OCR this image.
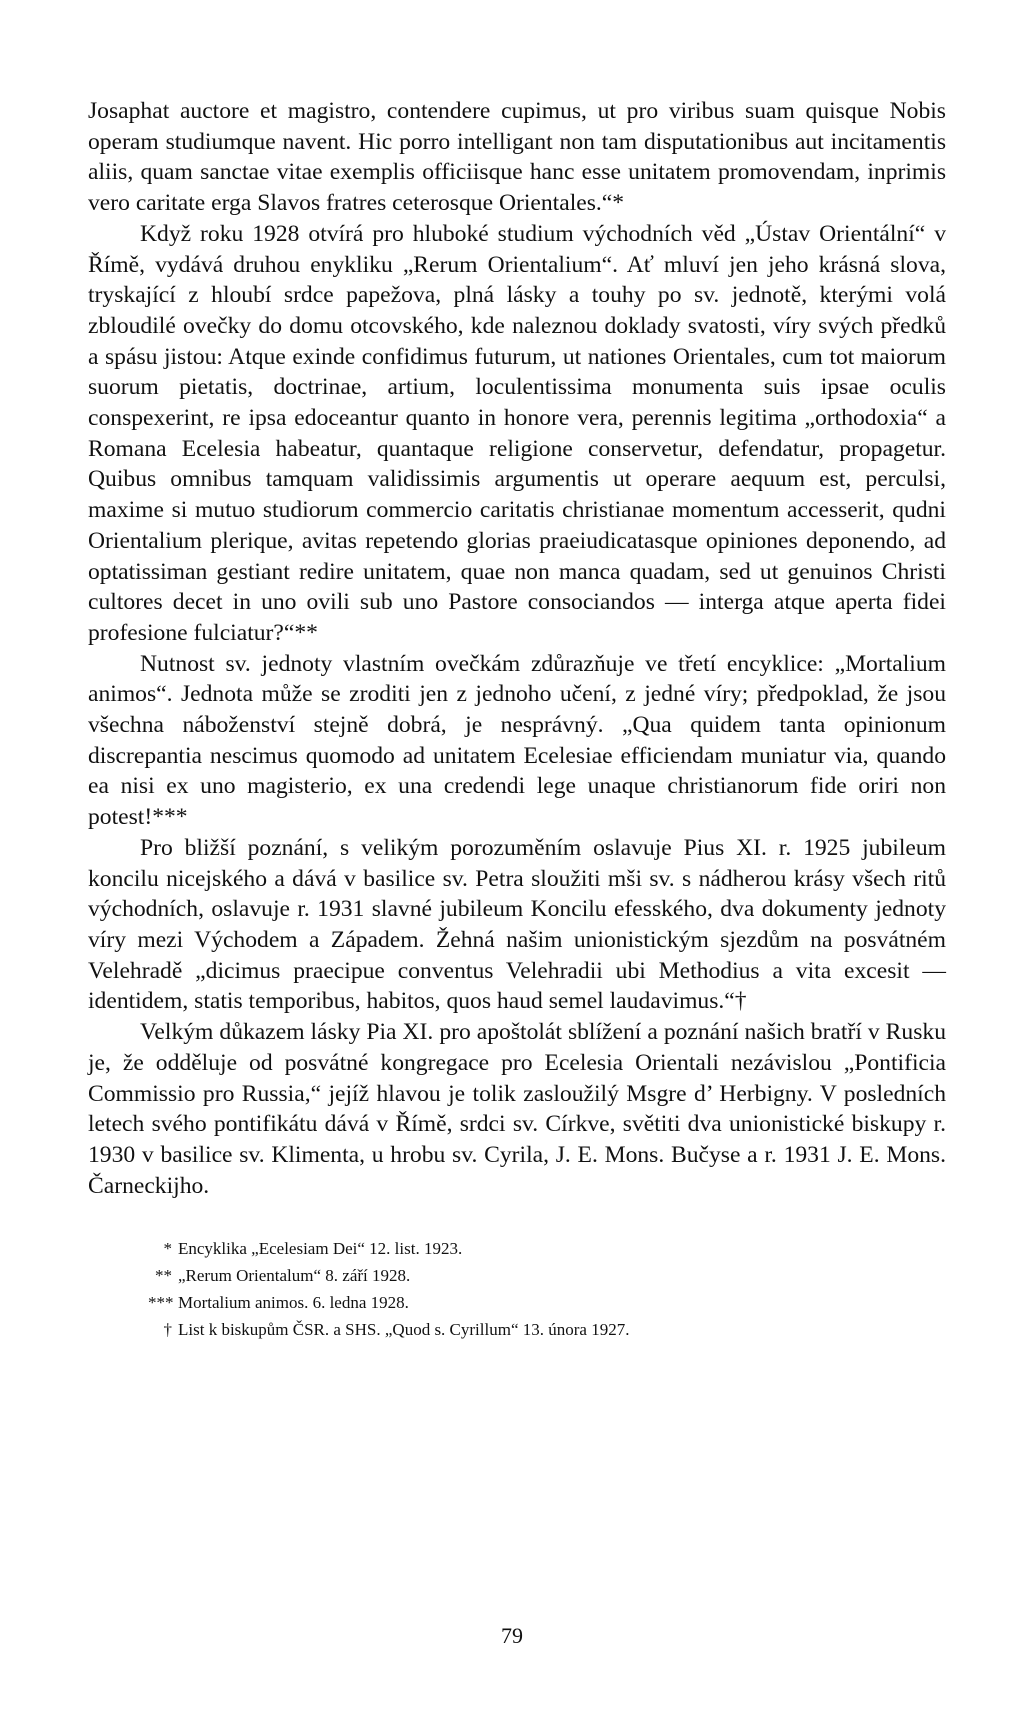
Josaphat auctore et magistro, contendere cupimus, ut pro viribus suam quisque Nobis operam studiumque navent. Hic porro intelligant non tam disputationibus aut incitamentis aliis, quam sanctae vitae exemplis officiisque hanc esse unitatem promovendam, inprimis vero caritate erga Slavos fratres ceterosque Orientales.“*

Když roku 1928 otvírá pro hluboké studium východních věd „Ústav Orientální“ v Římě, vydává druhou enykliku „Rerum Orientalium“. Ať mluví jen jeho krásná slova, tryskající z hloubí srdce papežova, plná lásky a touhy po sv. jednotě, kterými volá zbloudilé ovečky do domu otcovského, kde naleznou doklady svatosti, víry svých předků a spásu jistou: Atque exinde confidimus futurum, ut nationes Orientales, cum tot maiorum suorum pietatis, doctrinae, artium, loculentissima monumenta suis ipsae oculis conspexerint, re ipsa edoceantur quanto in honore vera, perennis legitima „orthodoxia“ a Romana Ecelesia habeatur, quantaque religione conservetur, defendatur, propagetur. Quibus omnibus tamquam validissimis argumentis ut operare aequum est, perculsi, maxime si mutuo studiorum commercio caritatis christianae momentum accesserit, qudni Orientalium plerique, avitas repetendo glorias praeiudicatasque opiniones deponendo, ad optatissiman gestiant redire unitatem, quae non manca quadam, sed ut genuinos Christi cultores decet in uno ovili sub uno Pastore consociandos — interga atque aperta fidei profesione fulciatur?“**

Nutnost sv. jednoty vlastním ovečkám zdůrazňuje ve třetí encyklice: „Mortalium animos“. Jednota může se zroditi jen z jednoho učení, z jedné víry; předpoklad, že jsou všechna náboženství stejně dobrá, je nesprávný. „Qua quidem tanta opinionum discrepantia nescimus quomodo ad unitatem Ecelesiae efficiendam muniatur via, quando ea nisi ex uno magisterio, ex una credendi lege unaque christianorum fide oriri non potest!***

Pro bližší poznání, s velikým porozuměním oslavuje Pius XI. r. 1925 jubileum koncilu nicejského a dává v basilice sv. Petra sloužiti mši sv. s nádherou krásy všech ritů východních, oslavuje r. 1931 slavné jubileum Koncilu efesského, dva dokumenty jednoty víry mezi Východem a Západem. Žehná našim unionistickým sjezdům na posvátném Velehradě „dicimus praecipue conventus Velehradii ubi Methodius a vita excesit — identidem, statis temporibus, habitos, quos haud semel laudavimus.“†

Velkým důkazem lásky Pia XI. pro apoštolát sblížení a poznání našich bratří v Rusku je, že odděluje od posvátné kongregace pro Ecelesia Orientali nezávislou „Pontificia Commissio pro Russia,“ jejíž hlavou je tolik zasloužilý Msgre d’ Herbigny. V posledních letech svého pontifikátu dává v Římě, srdci sv. Církve, světiti dva unionistické biskupy r. 1930 v basilice sv. Klimenta, u hrobu sv. Cyrila, J. E. Mons. Bučyse a r. 1931 J. E. Mons. Čarneckijho.

* Encyklika „Ecelesiam Dei“ 12. list. 1923.

** „Rerum Orientalum“ 8. září 1928.

*** Mortalium animos. 6. ledna 1928.

† List k biskupům ČSR. a SHS. „Quod s. Cyrillum“ 13. února 1927.

79
